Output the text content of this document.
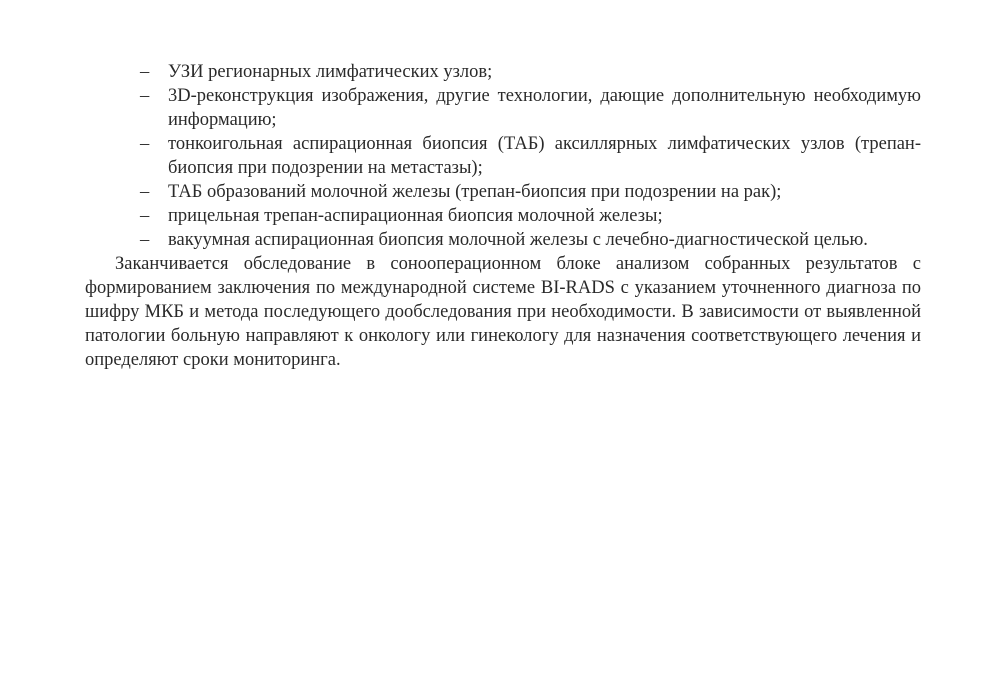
– УЗИ регионарных лимфатических узлов;
– 3D-реконструкция изображения, другие технологии, дающие дополнительную необходимую информацию;
– тонкоигольная аспирационная биопсия (ТАБ) аксиллярных лимфатических узлов (трепан-биопсия при подозрении на метастазы);
– ТАБ образований молочной железы (трепан-биопсия при подозрении на рак);
– прицельная трепан-аспирационная биопсия молочной железы;
– вакуумная аспирационная биопсия молочной железы с лечебно-диагностической целью.

Заканчивается обследование в сонооперационном блоке анализом собранных результатов с формированием заключения по международной системе BI-RADS с указанием уточненного диагноза по шифру МКБ и метода последующего дообследования при необходимости. В зависимости от выявленной патологии больную направляют к онкологу или гинекологу для назначения соответствующего лечения и определяют сроки мониторинга.
